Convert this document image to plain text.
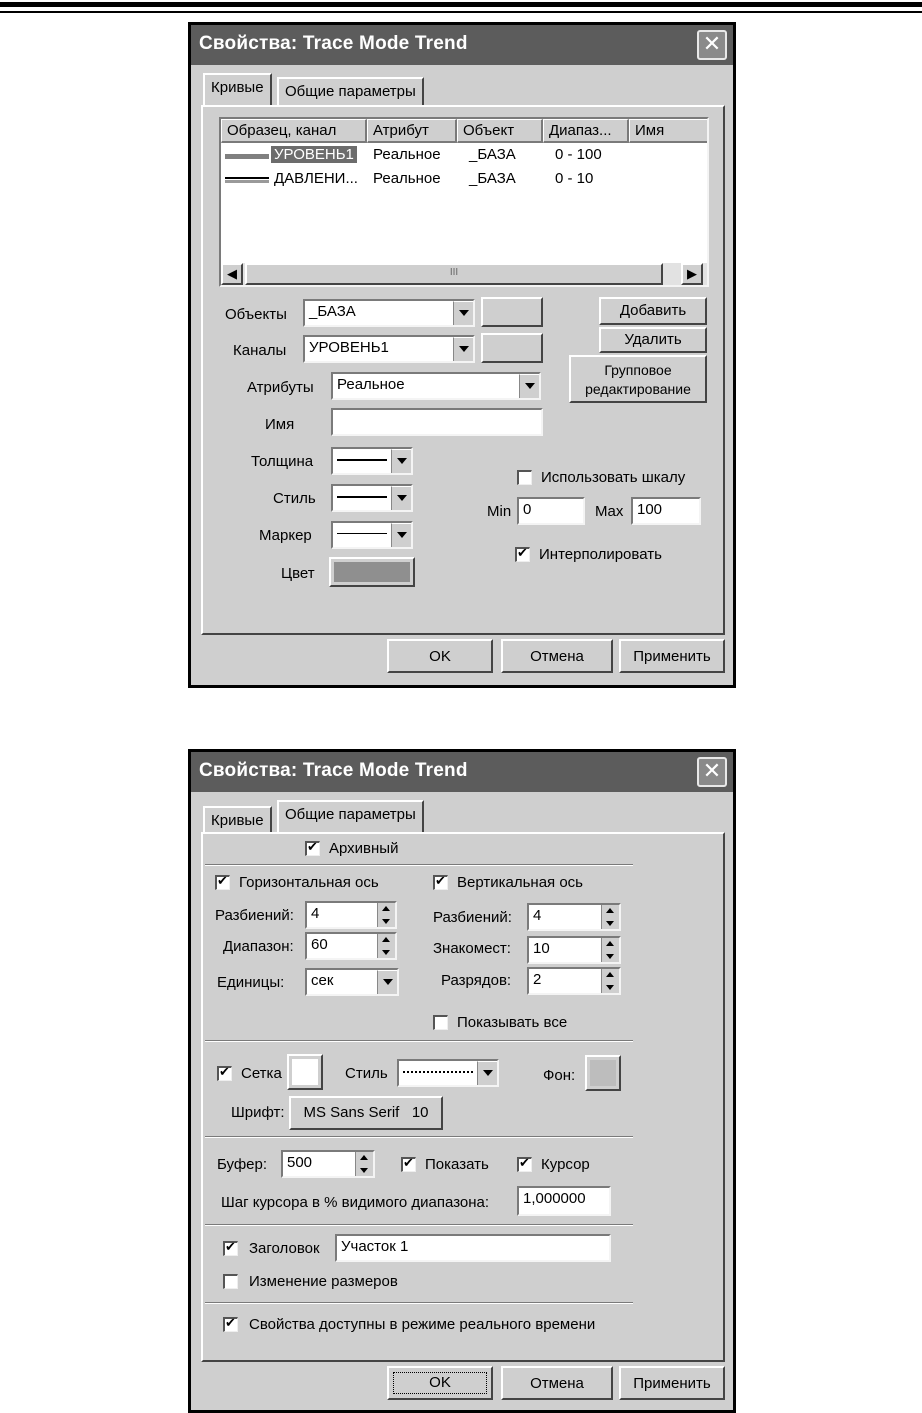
Свойства: Trace Mode Trend	✕
Кривые	Общие параметры
Образец, канал	Атрибут	Объект	Диапаз...	Имя
УРОВЕНЬ1 Реальное _БАЗА	0 - 100
ДАВЛЕНИ... Реальное _БАЗА	0 - 10
◀	III	▶
Объекты	_БАЗА
Каналы	УРОВЕНЬ1
Атрибуты	Реальное
Имя
Добавить
Удалить
Групповое
редактирование
Толщина
Стиль
Маркер
Цвет
Использовать шкалу
Min 0	Max 100
✔
Интерполировать
OK	Отмена	Применить
Свойства: Trace Mode Trend	✕
Кривые	Общие параметры
✔
Архивный
✔
Горизонтальная ось ✔	Вертикальная ось
Разбиений:	4
Диапазон:	60
Единицы:	сек
Разбиений:	4
Знакомест:	10
Разрядов:	2
Показывать все
✔
Сетка	Стиль	Фон:
Шрифт:	MS Sans Serif   10
Буфер:	500 ✔	Показать ✔	Курсор
Шаг курсора в % видимого диапазона:	1,000000
✔
Заголовок	Участок 1
Изменение размеров
✔
Свойства доступны в режиме реального времени
OK	Отмена	Применить
